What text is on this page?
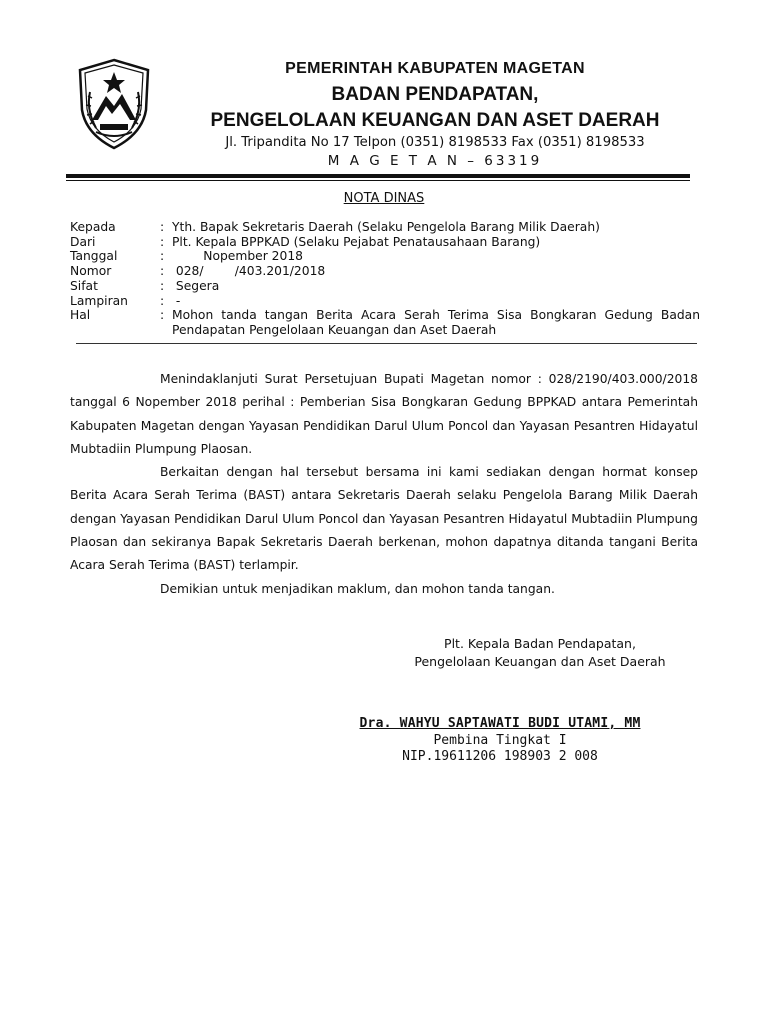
PEMERINTAH KABUPATEN MAGETAN
BADAN PENDAPATAN,
PENGELOLAAN KEUANGAN DAN ASET DAERAH
Jl. Tripandita No 17 Telpon (0351) 8198533 Fax (0351) 8198533
M A G E T A N – 63319
NOTA DINAS
Kepada	: Yth. Bapak Sekretaris Daerah (Selaku Pengelola Barang Milik Daerah)
Dari	: Plt. Kepala BPPKAD (Selaku Pejabat Penatausahaan Barang)
Tanggal	: Nopember 2018
Nomor	: 028/        /403.201/2018
Sifat	: Segera
Lampiran	: -
Hal	: Mohon tanda tangan Berita Acara Serah Terima Sisa Bongkaran Gedung Badan Pendapatan Pengelolaan Keuangan dan Aset Daerah

Menindaklanjuti Surat Persetujuan Bupati Magetan nomor : 028/2190/403.000/2018 tanggal 6 Nopember 2018 perihal : Pemberian Sisa Bongkaran Gedung BPPKAD antara Pemerintah Kabupaten Magetan dengan Yayasan Pendidikan Darul Ulum Poncol dan Yayasan Pesantren Hidayatul Mubtadiin Plumpung Plaosan.

Berkaitan dengan hal tersebut bersama ini kami sediakan dengan hormat konsep Berita Acara Serah Terima (BAST) antara Sekretaris Daerah selaku Pengelola Barang Milik Daerah dengan Yayasan Pendidikan Darul Ulum Poncol dan Yayasan Pesantren Hidayatul Mubtadiin Plumpung Plaosan dan sekiranya Bapak Sekretaris Daerah berkenan, mohon dapatnya ditanda tangani Berita Acara Serah Terima (BAST) terlampir.

Demikian untuk menjadikan maklum, dan mohon tanda tangan.

Plt. Kepala Badan Pendapatan,
Pengelolaan Keuangan dan Aset Daerah
Dra. WAHYU SAPTAWATI BUDI UTAMI, MM
Pembina Tingkat I
NIP.19611206 198903 2 008
